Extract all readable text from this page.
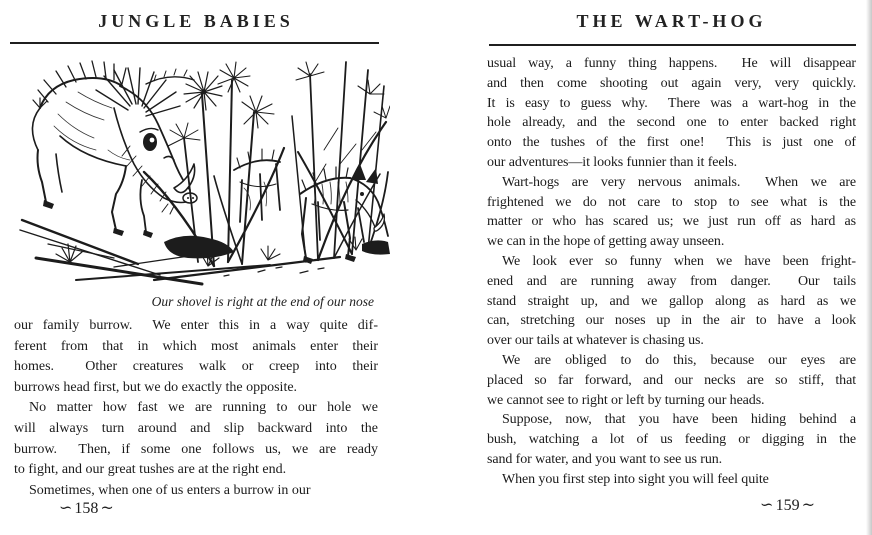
JUNGLE BABIES
Our shovel is right at the end of our nose
our family burrow.  We enter this in a way quite dif-
ferent from that in which most animals enter their
homes.  Other creatures walk or creep into their
burrows head first, but we do exactly the opposite.
No matter how fast we are running to our hole we
will always turn around and slip backward into the
burrow.  Then, if some one follows us, we are ready
to fight, and our great tushes are at the right end.
Sometimes, when one of us enters a burrow in our
~ 158 ~
THE WART-HOG
usual way, a funny thing happens.  He will disappear
and then come shooting out again very, very quickly.
It is easy to guess why.  There was a wart-hog in the
hole already, and the second one to enter backed right
onto the tushes of the first one!  This is just one of
our adventures—it looks funnier than it feels.
Wart-hogs are very nervous animals.  When we are
frightened we do not care to stop to see what is the
matter or who has scared us; we just run off as hard as
we can in the hope of getting away unseen.
We look ever so funny when we have been fright-
ened and are running away from danger.  Our tails
stand straight up, and we gallop along as hard as we
can, stretching our noses up in the air to have a look
over our tails at whatever is chasing us.
We are obliged to do this, because our eyes are
placed so far forward, and our necks are so stiff, that
we cannot see to right or left by turning our heads.
Suppose, now, that you have been hiding behind a
bush, watching a lot of us feeding or digging in the
sand for water, and you want to see us run.
When you first step into sight you will feel quite
~ 159 ~
